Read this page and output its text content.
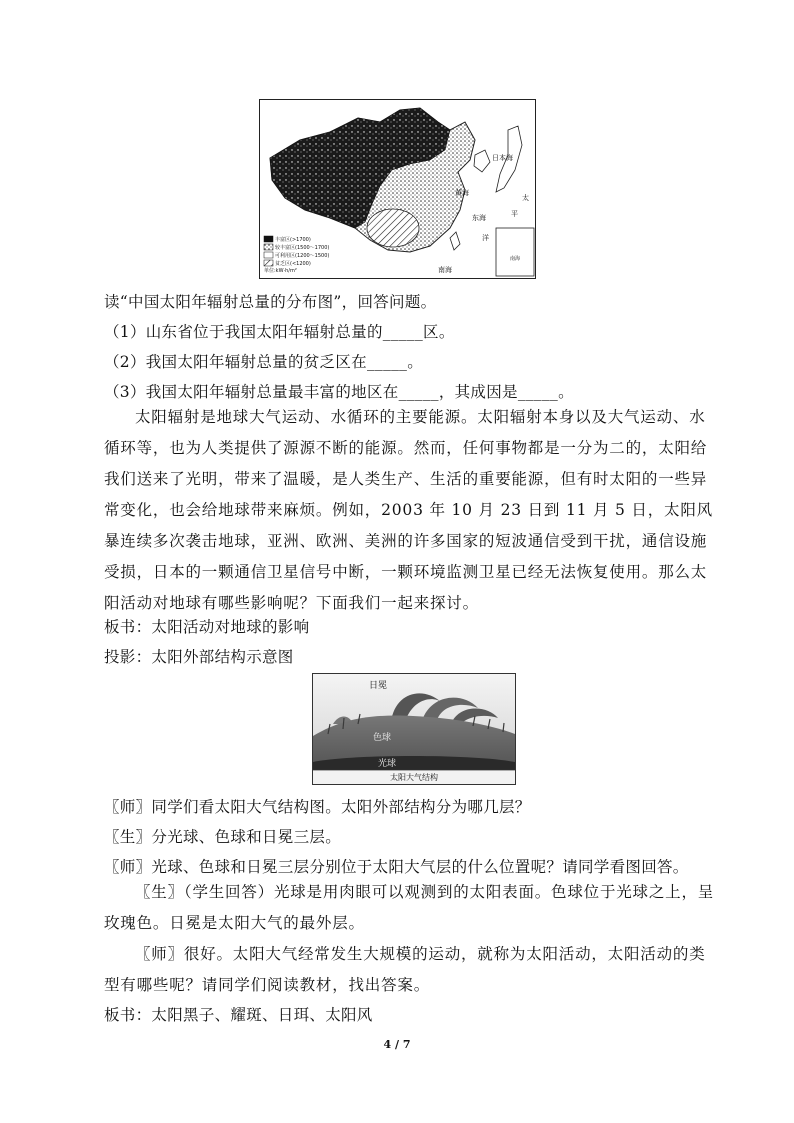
丰富区(>1700)
较丰富区(1500～1700)
可利用区(1200～1500)
贫乏区(<1200)
单位:kW·h/m²
日本海
黄海
东海
南海
太
平
洋
南海
读“中国太阳年辐射总量的分布图”，回答问题。
（1）山东省位于我国太阳年辐射总量的_____区。
（2）我国太阳年辐射总量的贫乏区在_____。
（3）我国太阳年辐射总量最丰富的地区在_____，其成因是_____。
太阳辐射是地球大气运动、水循环的主要能源。太阳辐射本身以及大气运动、水循环等，也为人类提供了源源不断的能源。然而，任何事物都是一分为二的，太阳给我们送来了光明，带来了温暖，是人类生产、生活的重要能源，但有时太阳的一些异常变化，也会给地球带来麻烦。例如，2003 年 10 月 23 日到 11 月 5 日，太阳风暴连续多次袭击地球，亚洲、欧洲、美洲的许多国家的短波通信受到干扰，通信设施受损，日本的一颗通信卫星信号中断，一颗环境监测卫星已经无法恢复使用。那么太阳活动对地球有哪些影响呢？下面我们一起来探讨。
板书：太阳活动对地球的影响
投影：太阳外部结构示意图
日冕
色球
光球
太阳大气结构
〖师〗同学们看太阳大气结构图。太阳外部结构分为哪几层？
〖生〗分光球、色球和日冕三层。
〖师〗光球、色球和日冕三层分别位于太阳大气层的什么位置呢？请同学看图回答。
〖生〗（学生回答）光球是用肉眼可以观测到的太阳表面。色球位于光球之上，呈玫瑰色。日冕是太阳大气的最外层。
〖师〗很好。太阳大气经常发生大规模的运动，就称为太阳活动，太阳活动的类型有哪些呢？请同学们阅读教材，找出答案。
板书：太阳黑子、耀斑、日珥、太阳风
4 / 7
